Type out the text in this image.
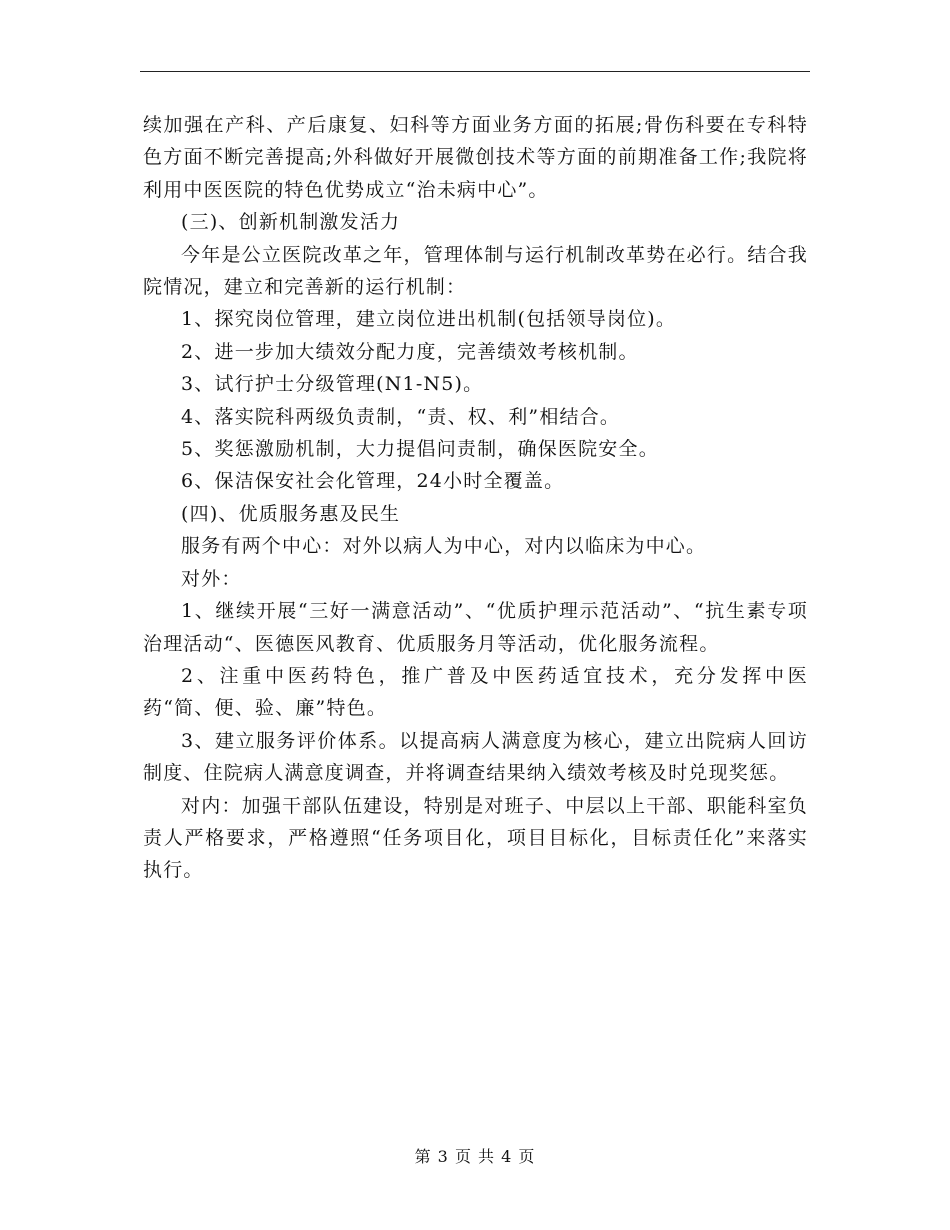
续加强在产科、产后康复、妇科等方面业务方面的拓展;骨伤科要在专科特色方面不断完善提高;外科做好开展微创技术等方面的前期准备工作;我院将利用中医医院的特色优势成立“治未病中心”。

(三)、创新机制激发活力

今年是公立医院改革之年，管理体制与运行机制改革势在必行。结合我院情况，建立和完善新的运行机制：

1、探究岗位管理，建立岗位进出机制(包括领导岗位)。

2、进一步加大绩效分配力度，完善绩效考核机制。

3、试行护士分级管理(N1-N5)。

4、落实院科两级负责制，“责、权、利”相结合。

5、奖惩激励机制，大力提倡问责制，确保医院安全。

6、保洁保安社会化管理，24小时全覆盖。

(四)、优质服务惠及民生

服务有两个中心：对外以病人为中心，对内以临床为中心。

对外：

1、继续开展“三好一满意活动”、“优质护理示范活动”、“抗生素专项治理活动“、医德医风教育、优质服务月等活动，优化服务流程。

2、注重中医药特色，推广普及中医药适宜技术，充分发挥中医药“简、便、验、廉”特色。

3、建立服务评价体系。以提高病人满意度为核心，建立出院病人回访制度、住院病人满意度调查，并将调查结果纳入绩效考核及时兑现奖惩。

对内：加强干部队伍建设，特别是对班子、中层以上干部、职能科室负责人严格要求，严格遵照“任务项目化，项目目标化，目标责任化”来落实执行。

第 3 页 共 4 页
